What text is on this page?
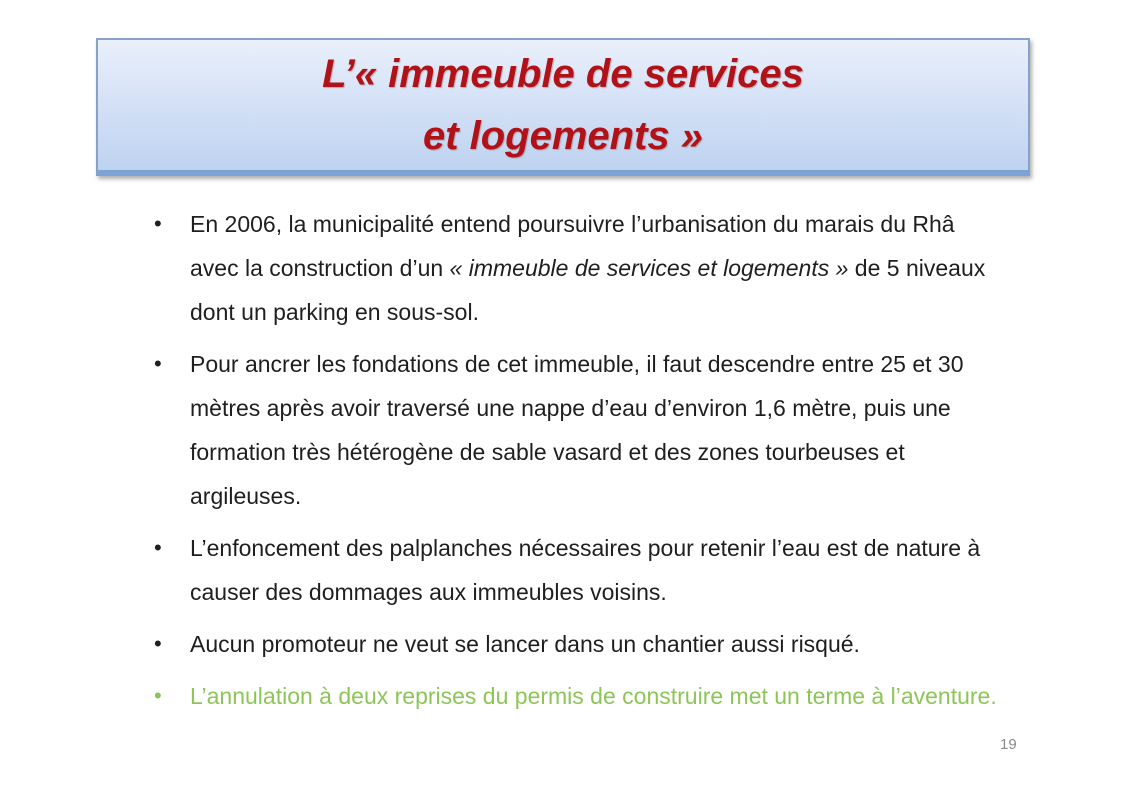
L’« immeuble de services
et logements »
• En 2006, la municipalité entend poursuivre l’urbanisation du marais du Rhâ avec la construction d’un « immeuble de services et logements » de 5 niveaux dont un parking en sous-sol.
• Pour ancrer les fondations de cet immeuble, il faut descendre entre 25 et 30 mètres après avoir traversé une nappe d’eau d’environ 1,6 mètre, puis une formation très hétérogène de sable vasard et des zones tourbeuses et argileuses.
• L’enfoncement des palplanches nécessaires pour retenir l’eau est de nature à causer des dommages aux immeubles voisins.
• Aucun promoteur ne veut se lancer dans un chantier aussi risqué.
• L’annulation à deux reprises du permis de construire met un terme à l’aventure.
19
